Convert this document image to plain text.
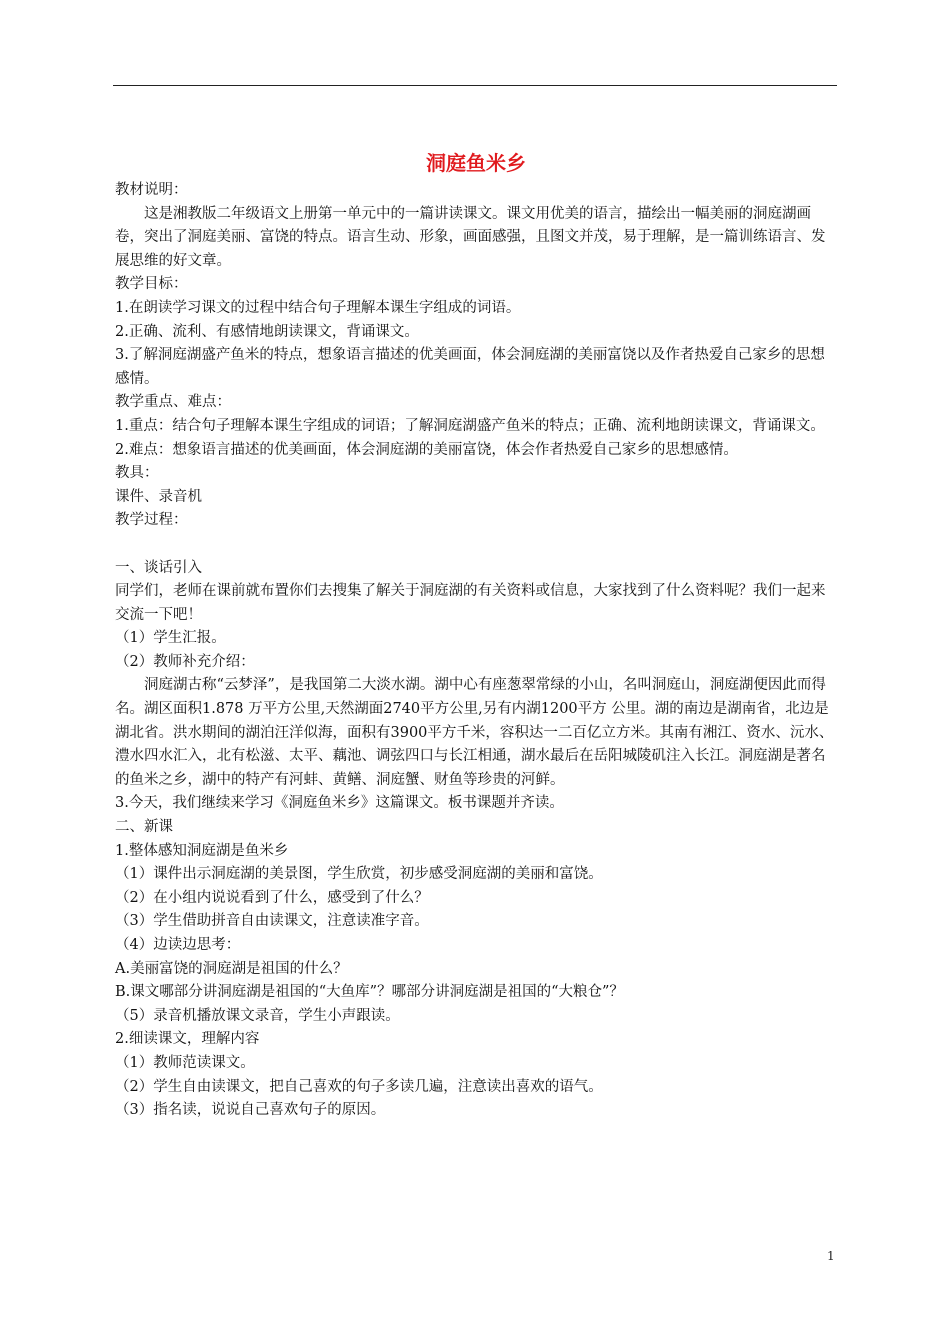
洞庭鱼米乡

教材说明：

这是湘教版二年级语文上册第一单元中的一篇讲读课文。课文用优美的语言，描绘出一幅美丽的洞庭湖画卷，突出了洞庭美丽、富饶的特点。语言生动、形象，画面感强，且图文并茂，易于理解，是一篇训练语言、发展思维的好文章。

教学目标：

1.在朗读学习课文的过程中结合句子理解本课生字组成的词语。

2.正确、流利、有感情地朗读课文，背诵课文。

3.了解洞庭湖盛产鱼米的特点，想象语言描述的优美画面，体会洞庭湖的美丽富饶以及作者热爱自己家乡的思想感情。

教学重点、难点：

1.重点：结合句子理解本课生字组成的词语；了解洞庭湖盛产鱼米的特点；正确、流利地朗读课文，背诵课文。

2.难点：想象语言描述的优美画面，体会洞庭湖的美丽富饶，体会作者热爱自己家乡的思想感情。

教具：

课件、录音机

教学过程：

一、谈话引入

同学们，老师在课前就布置你们去搜集了解关于洞庭湖的有关资料或信息，大家找到了什么资料呢？我们一起来交流一下吧！

（1）学生汇报。

（2）教师补充介绍：

洞庭湖古称“云梦泽”，是我国第二大淡水湖。湖中心有座葱翠常绿的小山，名叫洞庭山，洞庭湖便因此而得名。湖区面积1.878 万平方公里,天然湖面2740平方公里,另有内湖1200平方 公里。湖的南边是湖南省，北边是湖北省。洪水期间的湖泊汪洋似海，面积有3900平方千米，容积达一二百亿立方米。其南有湘江、资水、沅水、澧水四水汇入，北有松滋、太平、藕池、调弦四口与长江相通，湖水最后在岳阳城陵矶注入长江。洞庭湖是著名的鱼米之乡，湖中的特产有河蚌、黄鳝、洞庭蟹、财鱼等珍贵的河鲜。

3.今天，我们继续来学习《洞庭鱼米乡》这篇课文。板书课题并齐读。

二、新课

1.整体感知洞庭湖是鱼米乡

（1）课件出示洞庭湖的美景图，学生欣赏，初步感受洞庭湖的美丽和富饶。

（2）在小组内说说看到了什么，感受到了什么？

（3）学生借助拼音自由读课文，注意读准字音。

（4）边读边思考：

A.美丽富饶的洞庭湖是祖国的什么？

B.课文哪部分讲洞庭湖是祖国的“大鱼库”？哪部分讲洞庭湖是祖国的“大粮仓”？

（5）录音机播放课文录音，学生小声跟读。

2.细读课文，理解内容

（1）教师范读课文。

（2）学生自由读课文，把自己喜欢的句子多读几遍，注意读出喜欢的语气。

（3）指名读，说说自己喜欢句子的原因。

1
